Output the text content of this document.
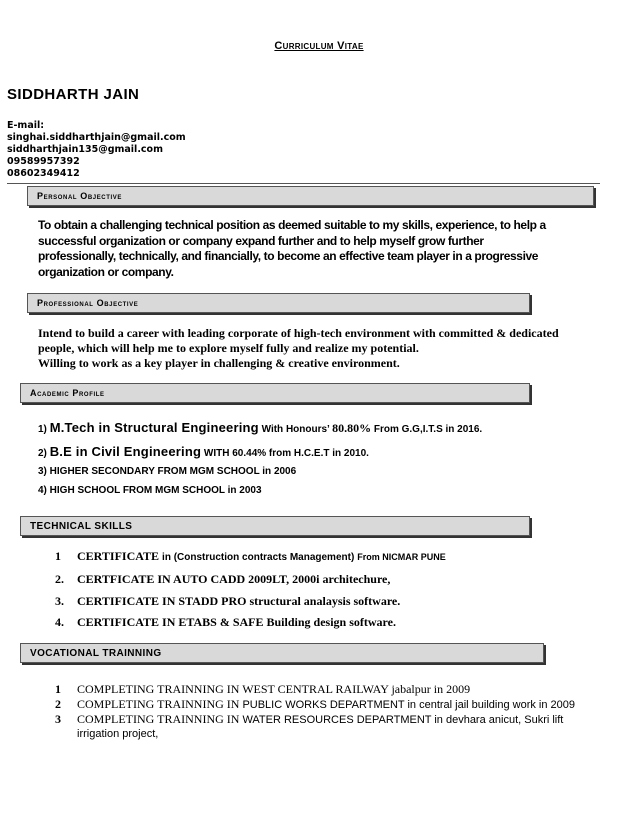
Curriculum Vitae
SIDDHARTH JAIN
E-mail:
singhai.siddharthjain@gmail.com
siddharthjain135@gmail.com
09589957392
08602349412
Personal Objective
To obtain a challenging technical position as deemed suitable to my skills, experience, to help a
successful organization or company expand further and to help myself grow further
professionally, technically, and financially, to become an effective team player in a progressive
organization or company.
Professional Objective
Intend to build a career with leading corporate of high-tech environment with committed & dedicated
people, which will help me to explore myself fully and realize my potential.
Willing to work as a key player in challenging & creative environment.
Academic Profile
1) M.Tech in Structural Engineering With Honours’ 80.80% From G.G,I.T.S in 2016.
2) B.E in Civil Engineering WITH 60.44% from H.C.E.T in 2010.
3) HIGHER SECONDARY FROM MGM SCHOOL in 2006
4) HIGH SCHOOL FROM MGM SCHOOL in 2003
TECHNICAL SKILLS
1 CERTIFICATE in (Construction contracts Management) From NICMAR PUNE
2. CERTFICATE IN AUTO CADD 2009LT, 2000i architechure,
3. CERTIFICATE IN STADD PRO structural analaysis software.
4. CERTIFICATE IN ETABS & SAFE Building design software.
VOCATIONAL TRAINNING
1 COMPLETING TRAINNING IN WEST CENTRAL RAILWAY jabalpur in 2009
2 COMPLETING TRAINNING IN PUBLIC WORKS DEPARTMENT in central jail building work in 2009
3 COMPLETING TRAINNING IN WATER RESOURCES DEPARTMENT in devhara anicut, Sukri lift
irrigation project,
